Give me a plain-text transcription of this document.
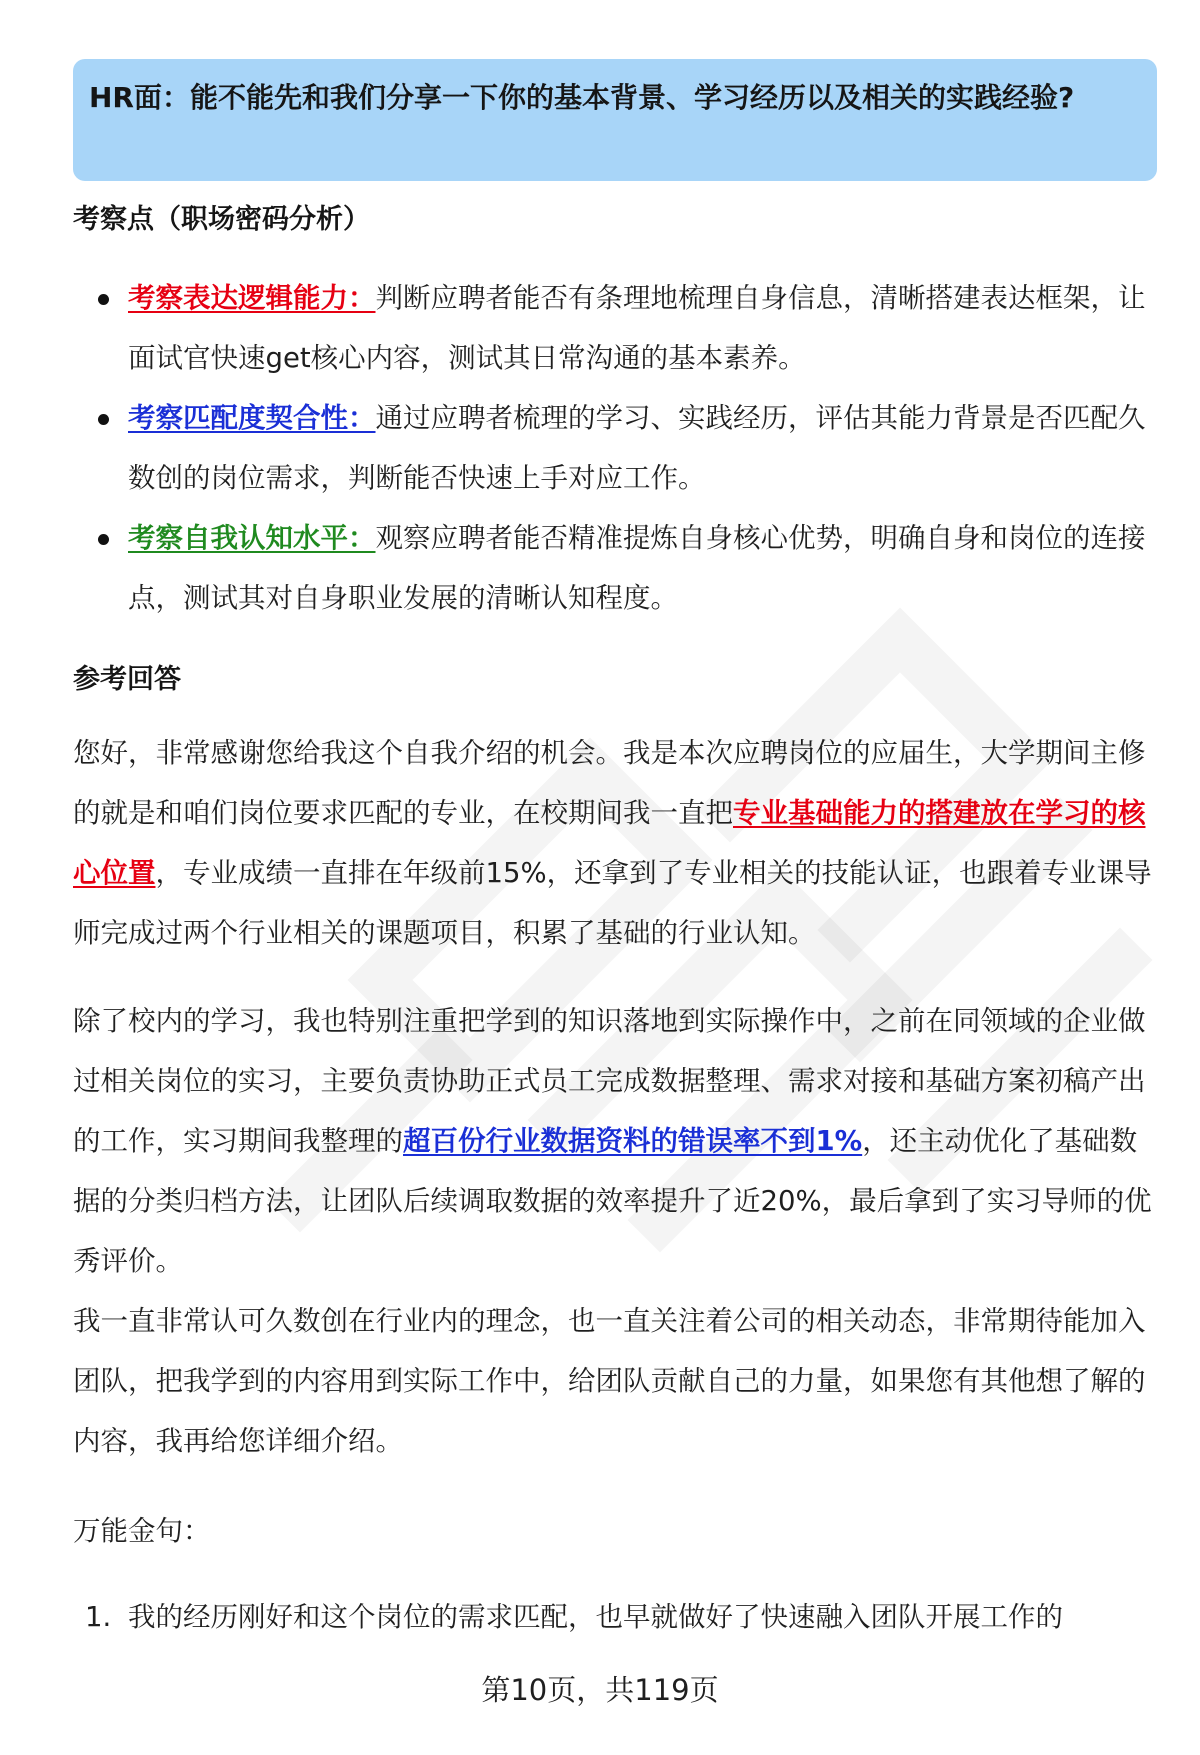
HR面：能不能先和我们分享一下你的基本背景、学习经历以及相关的实践经验?
考察点（职场密码分析）
考察表达逻辑能力：判断应聘者能否有条理地梳理自身信息，清晰搭建表达框架，让面试官快速get核心内容，测试其日常沟通的基本素养。
考察匹配度契合性：通过应聘者梳理的学习、实践经历，评估其能力背景是否匹配久数创的岗位需求，判断能否快速上手对应工作。
考察自我认知水平：观察应聘者能否精准提炼自身核心优势，明确自身和岗位的连接点，测试其对自身职业发展的清晰认知程度。
参考回答

您好，非常感谢您给我这个自我介绍的机会。我是本次应聘岗位的应届生，大学期间主修的就是和咱们岗位要求匹配的专业，在校期间我一直把专业基础能力的搭建放在学习的核心位置，专业成绩一直排在年级前15%，还拿到了专业相关的技能认证，也跟着专业课导师完成过两个行业相关的课题项目，积累了基础的行业认知。

除了校内的学习，我也特别注重把学到的知识落地到实际操作中，之前在同领域的企业做过相关岗位的实习，主要负责协助正式员工完成数据整理、需求对接和基础方案初稿产出的工作，实习期间我整理的超百份行业数据资料的错误率不到1%，还主动优化了基础数据的分类归档方法，让团队后续调取数据的效率提升了近20%，最后拿到了实习导师的优秀评价。

我一直非常认可久数创在行业内的理念，也一直关注着公司的相关动态，非常期待能加入团队，把我学到的内容用到实际工作中，给团队贡献自己的力量，如果您有其他想了解的内容，我再给您详细介绍。

万能金句：
1. 我的经历刚好和这个岗位的需求匹配，也早就做好了快速融入团队开展工作的
第10页，共119页
